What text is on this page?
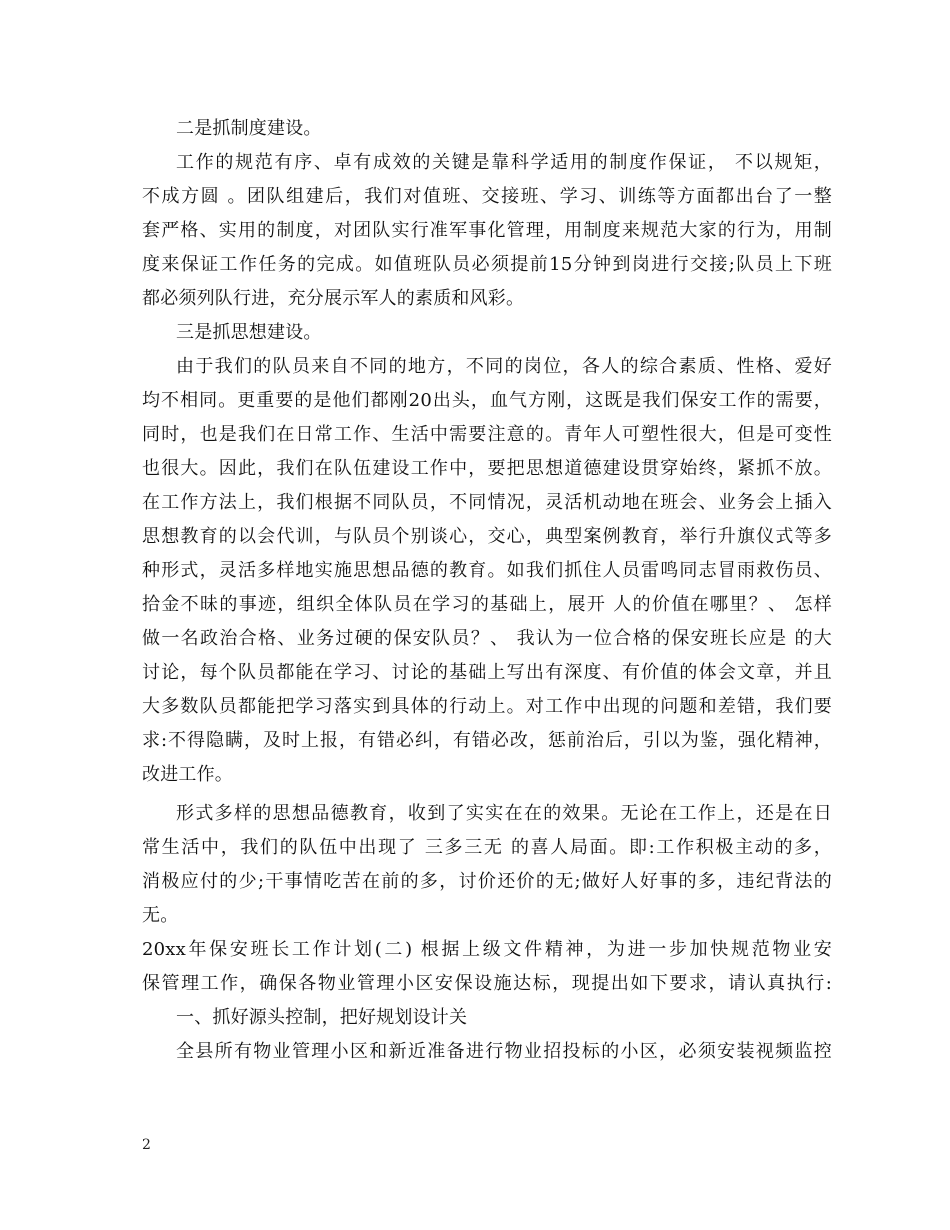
二是抓制度建设。
工作的规范有序、卓有成效的关键是靠科学适用的制度作保证， 不以规矩，
不成方圆 。团队组建后，我们对值班、交接班、学习、训练等方面都出台了一整
套严格、实用的制度，对团队实行准军事化管理，用制度来规范大家的行为，用制
度来保证工作任务的完成。如值班队员必须提前15分钟到岗进行交接;队员上下班
都必须列队行进，充分展示军人的素质和风彩。
三是抓思想建设。
由于我们的队员来自不同的地方，不同的岗位，各人的综合素质、性格、爱好
均不相同。更重要的是他们都刚20出头，血气方刚，这既是我们保安工作的需要，
同时，也是我们在日常工作、生活中需要注意的。青年人可塑性很大，但是可变性
也很大。因此，我们在队伍建设工作中，要把思想道德建设贯穿始终，紧抓不放。
在工作方法上，我们根据不同队员，不同情况，灵活机动地在班会、业务会上插入
思想教育的以会代训，与队员个别谈心，交心，典型案例教育，举行升旗仪式等多
种形式，灵活多样地实施思想品德的教育。如我们抓住人员雷鸣同志冒雨救伤员、
拾金不昧的事迹，组织全体队员在学习的基础上，展开 人的价值在哪里？、 怎样
做一名政治合格、业务过硬的保安队员？、 我认为一位合格的保安班长应是 的大
讨论，每个队员都能在学习、讨论的基础上写出有深度、有价值的体会文章，并且
大多数队员都能把学习落实到具体的行动上。对工作中出现的问题和差错，我们要
求:不得隐瞒，及时上报，有错必纠，有错必改，惩前治后，引以为鉴，强化精神，
改进工作。
形式多样的思想品德教育，收到了实实在在的效果。无论在工作上，还是在日
常生活中，我们的队伍中出现了 三多三无 的喜人局面。即:工作积极主动的多，
消极应付的少;干事情吃苦在前的多，讨价还价的无;做好人好事的多，违纪背法的
无。
20xx年保安班长工作计划(二) 根据上级文件精神，为进一步加快规范物业安
保管理工作，确保各物业管理小区安保设施达标，现提出如下要求，请认真执行:
一、抓好源头控制，把好规划设计关
全县所有物业管理小区和新近准备进行物业招投标的小区，必须安装视频监控
2
